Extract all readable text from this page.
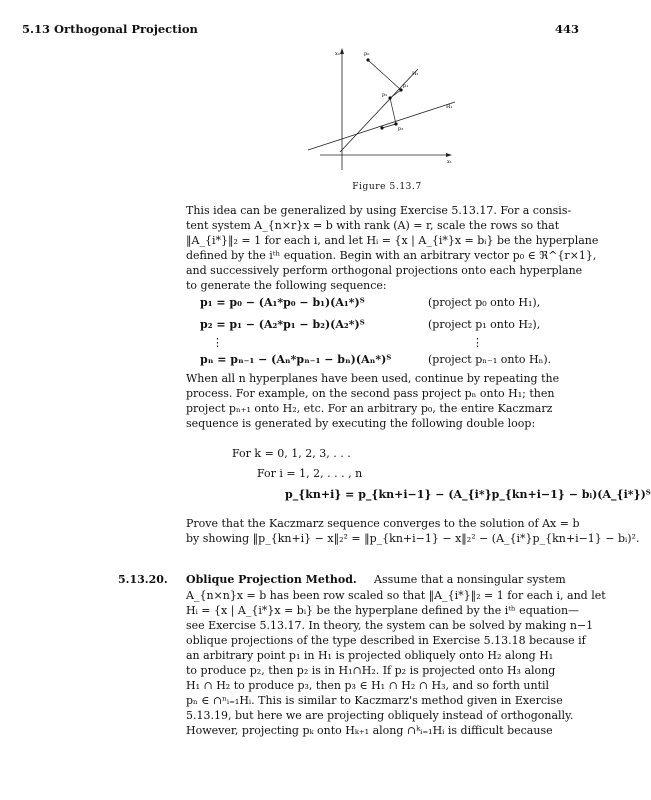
5.13 Orthogonal Projection	443
x₂
x₁
p₀
H₂
H₁
p₁
p₂
p₃
Figure 5.13.7
This idea can be generalized by using Exercise 5.13.17. For a consis-
tent system A_{n×r}x = b with rank (A) = r, scale the rows so that
‖A_{i*}‖₂ = 1 for each i, and let Hᵢ = {x | A_{i*}x = bᵢ} be the hyperplane
defined by the iᵗʰ equation. Begin with an arbitrary vector p₀ ∈ ℜ^{r×1},
and successively perform orthogonal projections onto each hyperplane
to generate the following sequence:
p₁ = p₀ − (A₁*p₀ − b₁)(A₁*)ᵀ	(project p₀ onto H₁),
p₂ = p₁ − (A₂*p₁ − b₂)(A₂*)ᵀ	(project p₁ onto H₂),
⋮	⋮
pₙ = pₙ₋₁ − (Aₙ*pₙ₋₁ − bₙ)(Aₙ*)ᵀ	(project pₙ₋₁ onto Hₙ).
When all n hyperplanes have been used, continue by repeating the
process. For example, on the second pass project pₙ onto H₁; then
project pₙ₊₁ onto H₂, etc. For an arbitrary p₀, the entire Kaczmarz
sequence is generated by executing the following double loop:
For k = 0, 1, 2, 3, . . .
For i = 1, 2, . . . , n
p_{kn+i} = p_{kn+i−1} − (A_{i*}p_{kn+i−1} − bᵢ)(A_{i*})ᵀ
Prove that the Kaczmarz sequence converges to the solution of Ax = b
by showing ‖p_{kn+i} − x‖₂² = ‖p_{kn+i−1} − x‖₂² − (A_{i*}p_{kn+i−1} − bᵢ)².
5.13.20. Oblique Projection Method. Assume that a nonsingular system
A_{n×n}x = b has been row scaled so that ‖A_{i*}‖₂ = 1 for each i, and let
Hᵢ = {x | A_{i*}x = bᵢ} be the hyperplane defined by the iᵗʰ equation—
see Exercise 5.13.17. In theory, the system can be solved by making n−1
oblique projections of the type described in Exercise 5.13.18 because if
an arbitrary point p₁ in H₁ is projected obliquely onto H₂ along H₁
to produce p₂, then p₂ is in H₁∩H₂. If p₂ is projected onto H₃ along
H₁ ∩ H₂ to produce p₃, then p₃ ∈ H₁ ∩ H₂ ∩ H₃, and so forth until
pₙ ∈ ∩ⁿᵢ₌₁Hᵢ. This is similar to Kaczmarz's method given in Exercise
5.13.19, but here we are projecting obliquely instead of orthogonally.
However, projecting pₖ onto Hₖ₊₁ along ∩ᵏᵢ₌₁Hᵢ is difficult because
